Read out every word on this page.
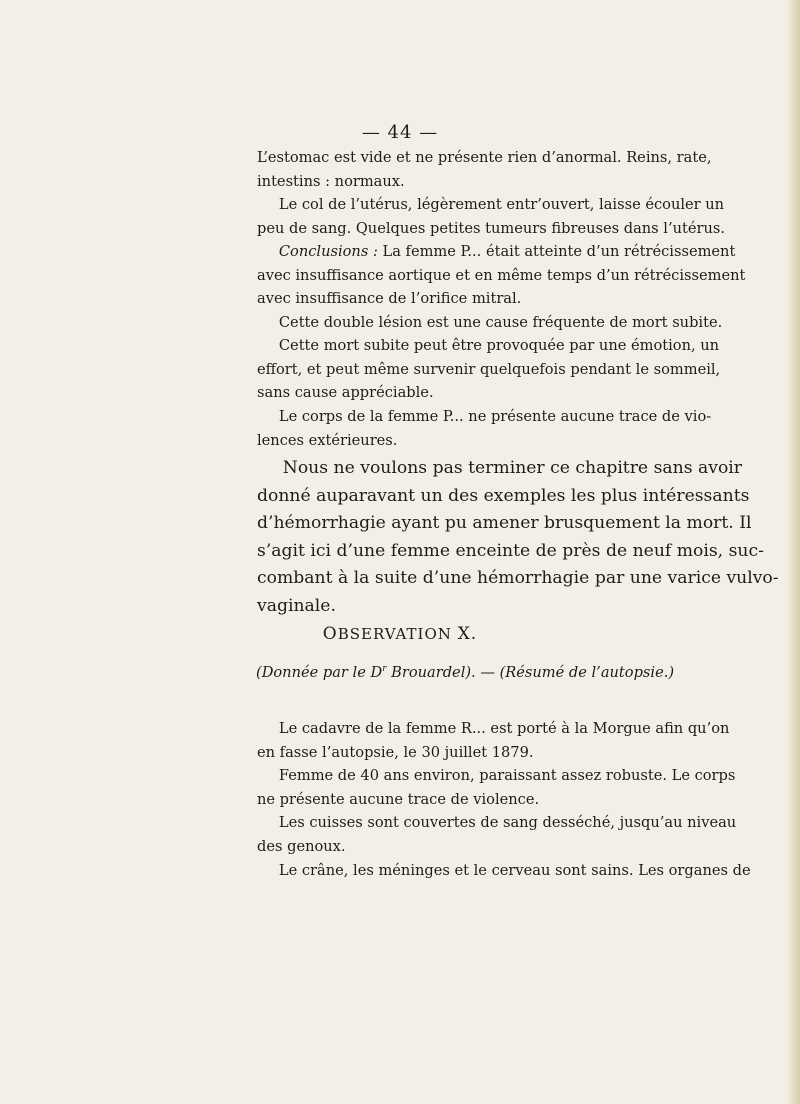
— 44 —
L’estomac est vide et ne présente rien d’anormal. Reins, rate,
intestins : normaux.
Le col de l’utérus, légèrement entr’ouvert, laisse écouler un
peu de sang. Quelques petites tumeurs fibreuses dans l’utérus.
Conclusions : La femme P... était atteinte d’un rétrécissement
avec insuffisance aortique et en même temps d’un rétrécissement
avec insuffisance de l’orifice mitral.
Cette double lésion est une cause fréquente de mort subite.
Cette mort subite peut être provoquée par une émotion, un
effort, et peut même survenir quelquefois pendant le sommeil,
sans cause appréciable.
Le corps de la femme P... ne présente aucune trace de vio-
lences extérieures.
Nous ne voulons pas terminer ce chapitre sans avoir
donné auparavant un des exemples les plus intéressants
d’hémorrhagie ayant pu amener brusquement la mort. Il
s’agit ici d’une femme enceinte de près de neuf mois, suc-
combant à la suite d’une hémorrhagie par une varice vulvo-
vaginale.
OBSERVATION X.
(Donnée par le $D^r$ Brouardel). — (Résumé de l’autopsie.)
Le cadavre de la femme R... est porté à la Morgue afin qu’on
en fasse l’autopsie, le 30 juillet 1879.
Femme de 40 ans environ, paraissant assez robuste. Le corps
ne présente aucune trace de violence.
Les cuisses sont couvertes de sang desséché, jusqu’au niveau
des genoux.
Le crâne, les méninges et le cerveau sont sains. Les organes de
